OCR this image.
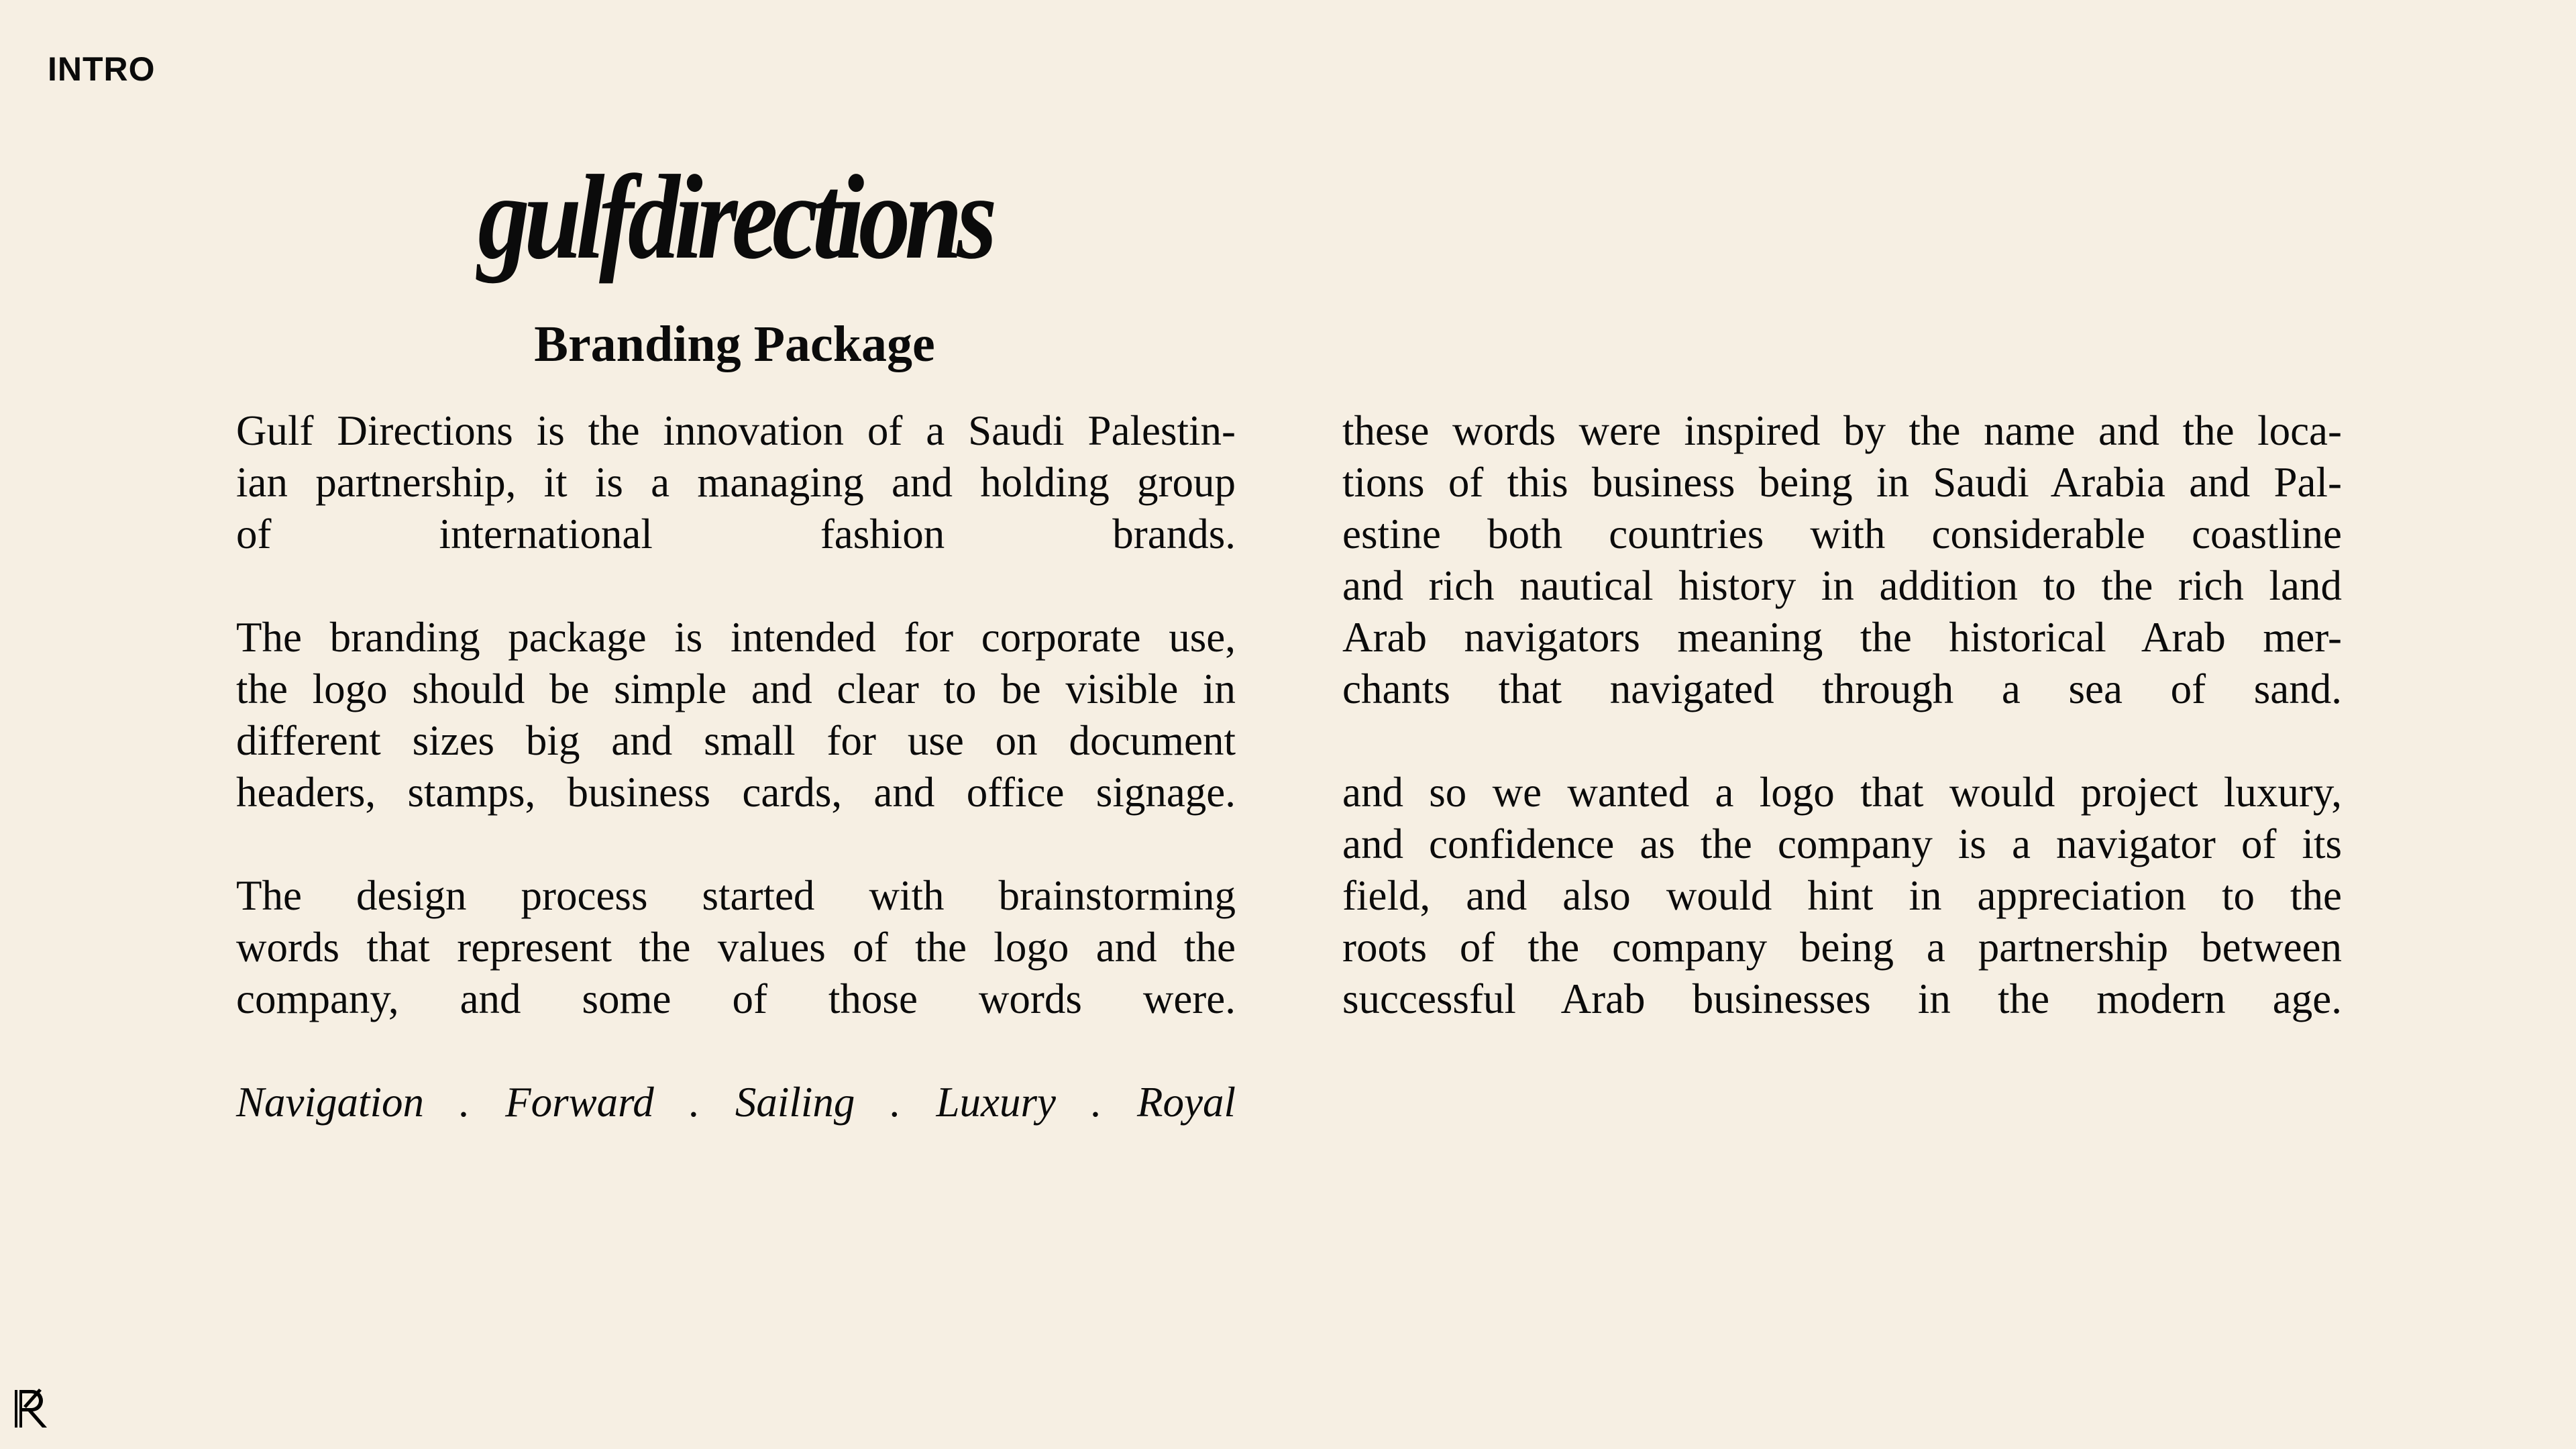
INTRO
gulfdirections
Branding Package
Gulf Directions is the innovation of a Saudi Palestin-
ian partnership, it is a managing and holding group
of international fashion brands.
The branding package is intended for corporate use,
the logo should be simple and clear to be visible in
different sizes big and small for use on document
headers, stamps, business cards, and office signage.
The design process started with brainstorming
words that represent the values of the logo and the
company, and some of those words were.
Navigation . Forward . Sailing . Luxury . Royal
these words were inspired by the name and the loca-
tions of this business being in Saudi Arabia and Pal-
estine both countries with considerable coastline
and rich nautical history in addition to the rich land
Arab navigators meaning the historical Arab mer-
chants that navigated through a sea of sand.
and so we wanted a logo that would project luxury,
and confidence as the company is a navigator of its
field, and also would hint in appreciation to the
roots of the company being a partnership between
successful Arab businesses in the modern age.
